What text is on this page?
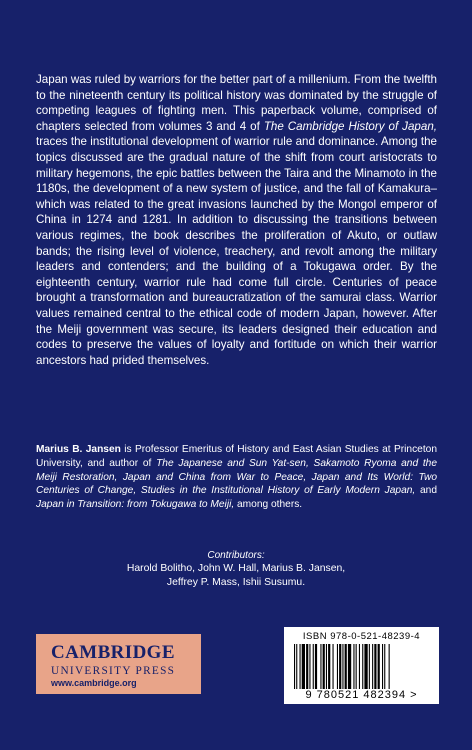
Japan was ruled by warriors for the better part of a millenium. From the twelfth to the nineteenth century its political history was dominated by the struggle of competing leagues of fighting men. This paperback volume, comprised of chapters selected from volumes 3 and 4 of The Cambridge History of Japan, traces the institutional development of warrior rule and dominance. Among the topics discussed are the gradual nature of the shift from court aristocrats to military hegemons, the epic battles between the Taira and the Minamoto in the 1180s, the development of a new system of justice, and the fall of Kamakura–which was related to the great invasions launched by the Mongol emperor of China in 1274 and 1281. In addition to discussing the transitions between various regimes, the book describes the proliferation of Akuto, or outlaw bands; the rising level of violence, treachery, and revolt among the military leaders and contenders; and the building of a Tokugawa order. By the eighteenth century, warrior rule had come full circle. Centuries of peace brought a transformation and bureaucratization of the samurai class. Warrior values remained central to the ethical code of modern Japan, however. After the Meiji government was secure, its leaders designed their education and codes to preserve the values of loyalty and fortitude on which their warrior ancestors had prided themselves.

Marius B. Jansen is Professor Emeritus of History and East Asian Studies at Princeton University, and author of The Japanese and Sun Yat-sen, Sakamoto Ryoma and the Meiji Restoration, Japan and China from War to Peace, Japan and Its World: Two Centuries of Change, Studies in the Institutional History of Early Modern Japan, and Japan in Transition: from Tokugawa to Meiji, among others.
Contributors:
Harold Bolitho, John W. Hall, Marius B. Jansen,
Jeffrey P. Mass, Ishii Susumu.
CAMBRIDGE
UNIVERSITY PRESS
www.cambridge.org
ISBN 978-0-521-48239-4
9 780521 482394 >
